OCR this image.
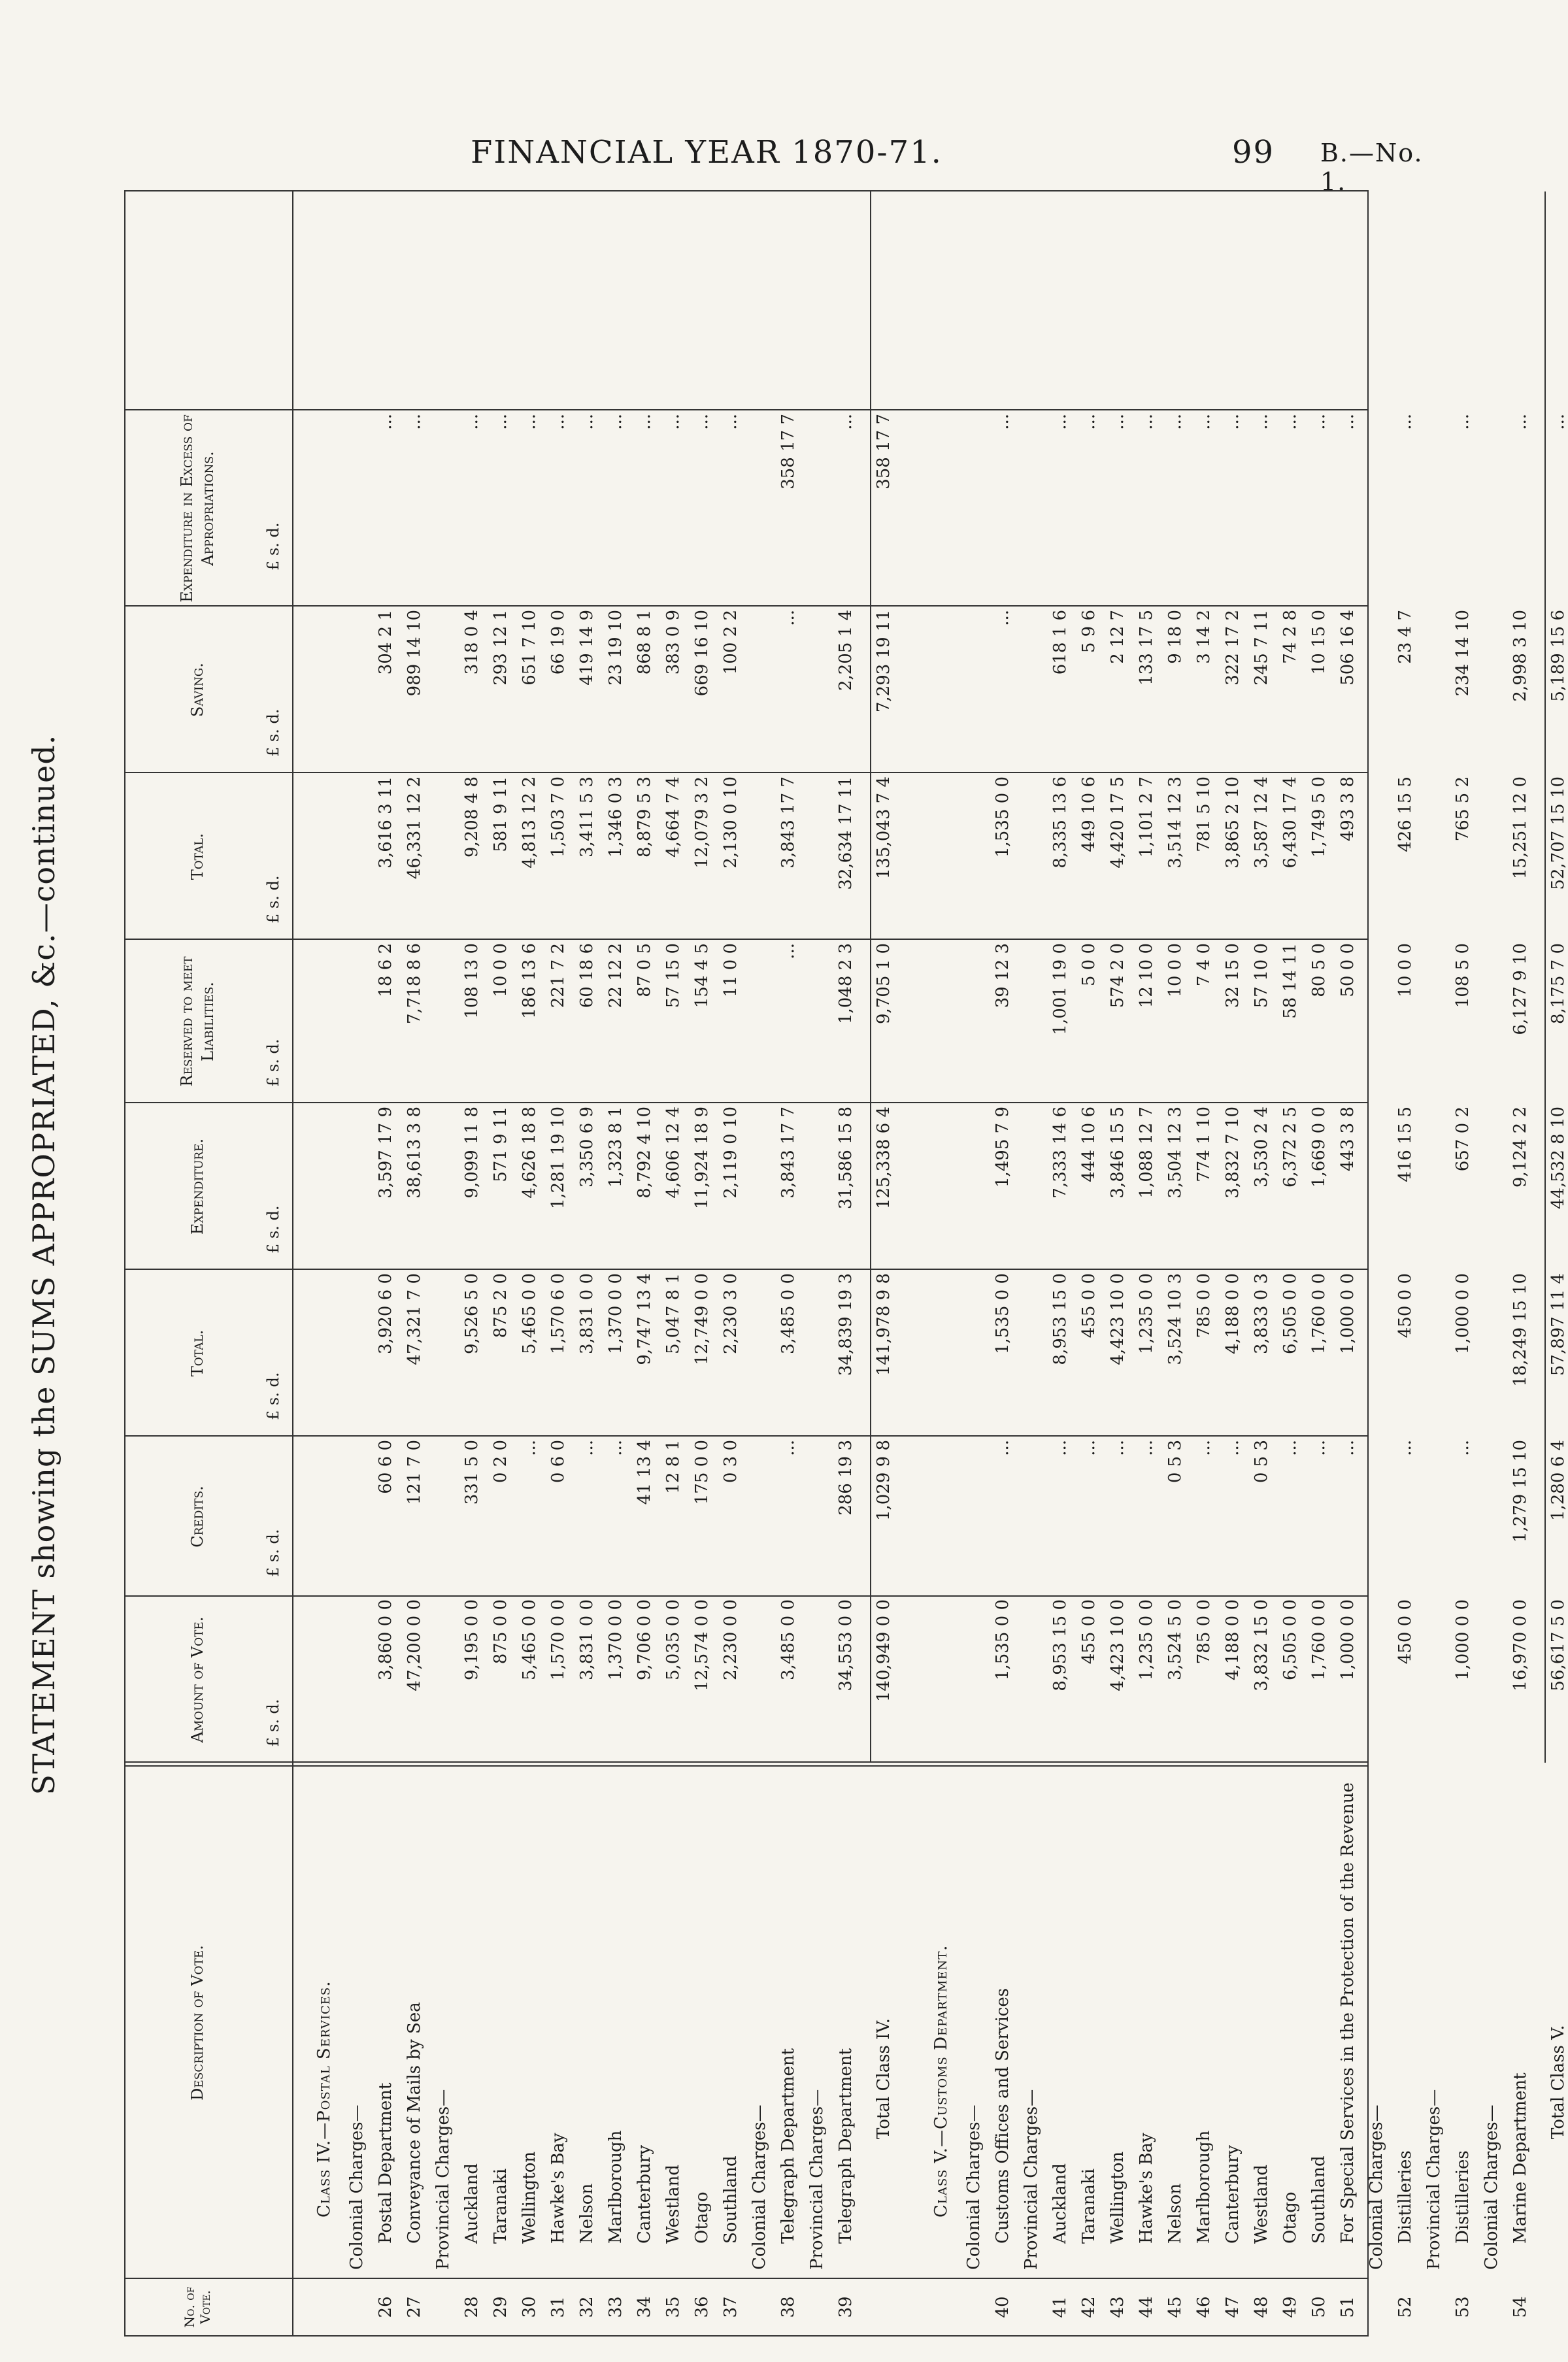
FINANCIAL YEAR 1870-71.	99 B.—No. 1.
STATEMENT showing the SUMS APPROPRIATED, &c.—continued.
No. of Vote.
Description of Vote.
Amount of Vote.
Credits.
Total.
Expenditure.
Reserved to meet Liabilities.
Total.
Saving.
Expenditure in Excess of Appropriations.
£ s. d.
£ s. d.
£ s. d.
£ s. d.
£ s. d.
£ s. d.
£ s. d.
£ s. d.
Class IV.—Postal Services. Colonial Charges—
26
Postal Department
3,860 0 0
60 6 0
3,920 6 0
3,597 17 9
18 6 2
3,616 3 11
304 2 1
...
27
Conveyance of Mails by Sea
47,200 0 0
121 7 0
47,321 7 0
38,613 3 8
7,718 8 6
46,331 12 2
989 14 10
...
Provincial Charges—
28
Auckland
9,195 0 0
331 5 0
9,526 5 0
9,099 11 8
108 13 0
9,208 4 8
318 0 4
...
29
Taranaki
875 0 0
0 2 0
875 2 0
571 9 11
10 0 0
581 9 11
293 12 1
...
30
Wellington
5,465 0 0
...
5,465 0 0
4,626 18 8
186 13 6
4,813 12 2
651 7 10
...
31
Hawke's Bay
1,570 0 0
0 6 0
1,570 6 0
1,281 19 10
221 7 2
1,503 7 0
66 19 0
...
32
Nelson
3,831 0 0
...
3,831 0 0
3,350 6 9
60 18 6
3,411 5 3
419 14 9
...
33
Marlborough
1,370 0 0
...
1,370 0 0
1,323 8 1
22 12 2
1,346 0 3
23 19 10
...
34
Canterbury
9,706 0 0
41 13 4
9,747 13 4
8,792 4 10
87 0 5
8,879 5 3
868 8 1
...
35
Westland
5,035 0 0
12 8 1
5,047 8 1
4,606 12 4
57 15 0
4,664 7 4
383 0 9
...
36
Otago
12,574 0 0
175 0 0
12,749 0 0
11,924 18 9
154 4 5
12,079 3 2
669 16 10
...
37
Southland
2,230 0 0
0 3 0
2,230 3 0
2,119 0 10
11 0 0
2,130 0 10
100 2 2
...
Colonial Charges—
38
Telegraph Department
3,485 0 0
...
3,485 0 0
3,843 17 7
...
3,843 17 7
...
358 17 7
Provincial Charges—
39
Telegraph Department
34,553 0 0
286 19 3
34,839 19 3
31,586 15 8
1,048 2 3
32,634 17 11
2,205 1 4
...
Total Class IV.
140,949 0 0
1,029 9 8
141,978 9 8
125,338 6 4
9,705 1 0
135,043 7 4
7,293 19 11
358 17 7
Class V.—Customs Department. Colonial Charges—
40
Customs Offices and Services
1,535 0 0
...
1,535 0 0
1,495 7 9
39 12 3
1,535 0 0
...
...
Provincial Charges—
41
Auckland
8,953 15 0
...
8,953 15 0
7,333 14 6
1,001 19 0
8,335 13 6
618 1 6
...
42
Taranaki
455 0 0
...
455 0 0
444 10 6
5 0 0
449 10 6
5 9 6
...
43
Wellington
4,423 10 0
...
4,423 10 0
3,846 15 5
574 2 0
4,420 17 5
2 12 7
...
44
Hawke's Bay
1,235 0 0
...
1,235 0 0
1,088 12 7
12 10 0
1,101 2 7
133 17 5
...
45
Nelson
3,524 5 0
0 5 3
3,524 10 3
3,504 12 3
10 0 0
3,514 12 3
9 18 0
...
46
Marlborough
785 0 0
...
785 0 0
774 1 10
7 4 0
781 5 10
3 14 2
...
47
Canterbury
4,188 0 0
...
4,188 0 0
3,832 7 10
32 15 0
3,865 2 10
322 17 2
...
48
Westland
3,832 15 0
0 5 3
3,833 0 3
3,530 2 4
57 10 0
3,587 12 4
245 7 11
...
49
Otago
6,505 0 0
...
6,505 0 0
6,372 2 5
58 14 11
6,430 17 4
74 2 8
...
50
Southland
1,760 0 0
...
1,760 0 0
1,669 0 0
80 5 0
1,749 5 0
10 15 0
...
51
For Special Services in the Protection of the Revenue
1,000 0 0
...
1,000 0 0
443 3 8
50 0 0
493 3 8
506 16 4
...
Colonial Charges—
52
Distilleries
450 0 0
...
450 0 0
416 15 5
10 0 0
426 15 5
23 4 7
...
Provincial Charges—
53
Distilleries
1,000 0 0
...
1,000 0 0
657 0 2
108 5 0
765 5 2
234 14 10
...
Colonial Charges—
54
Marine Department
16,970 0 0
1,279 15 10
18,249 15 10
9,124 2 2
6,127 9 10
15,251 12 0
2,998 3 10
...
Total Class V.
56,617 5 0
1,280 6 4
57,897 11 4
44,532 8 10
8,175 7 0
52,707 15 10
5,189 15 6
...
